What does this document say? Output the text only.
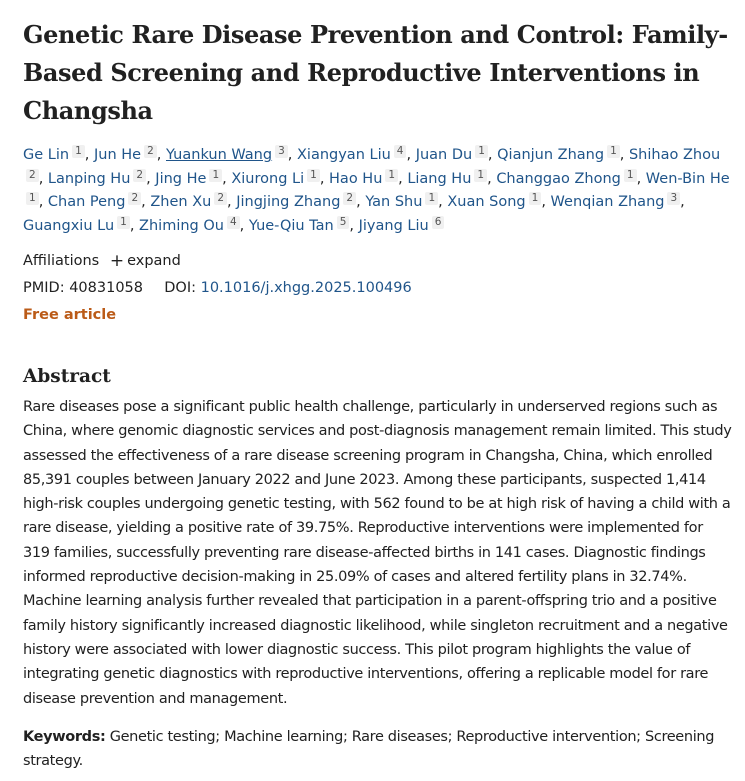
Genetic Rare Disease Prevention and Control: Family-Based Screening and Reproductive Interventions in Changsha
Ge Lin $^1$ , Jun He $^2$ , Yuankun Wang $^3$ , Xiangyan Liu $^4$ , Juan Du $^1$ , Qianjun Zhang $^1$ , Shihao Zhou$^2$ , Lanping Hu $^2$ , Jing He $^1$ , Xiurong Li $^1$ , Hao Hu $^1$ , Liang Hu $^1$ , Changgao Zhong $^1$ , Wen-Bin He$^1$ , Chan Peng $^2$ , Zhen Xu $^2$ , Jingjing Zhang $^2$ , Yan Shu $^1$ , Xuan Song $^1$ , Wenqian Zhang $^3$ , Guangxiu Lu $^1$ , Zhiming Ou $^4$ , Yue-Qiu Tan $^5$ , Jiyang Liu $^6$
Affiliations + expand
PMID: 40831058 DOI: 10.1016/j.xhgg.2025.100496
Free article
Abstract

Rare diseases pose a significant public health challenge, particularly in underserved regions such as China, where genomic diagnostic services and post-diagnosis management remain limited. This study assessed the effectiveness of a rare disease screening program in Changsha, China, which enrolled 85,391 couples between January 2022 and June 2023. Among these participants, suspected 1,414 high-risk couples undergoing genetic testing, with 562 found to be at high risk of having a child with a rare disease, yielding a positive rate of 39.75%. Reproductive interventions were implemented for 319 families, successfully preventing rare disease-affected births in 141 cases. Diagnostic findings informed reproductive decision-making in 25.09% of cases and altered fertility plans in 32.74%. Machine learning analysis further revealed that participation in a parent-offspring trio and a positive family history significantly increased diagnostic likelihood, while singleton recruitment and a negative history were associated with lower diagnostic success. This pilot program highlights the value of integrating genetic diagnostics with reproductive interventions, offering a replicable model for rare disease prevention and management.

Keywords: Genetic testing; Machine learning; Rare diseases; Reproductive intervention; Screening strategy.
